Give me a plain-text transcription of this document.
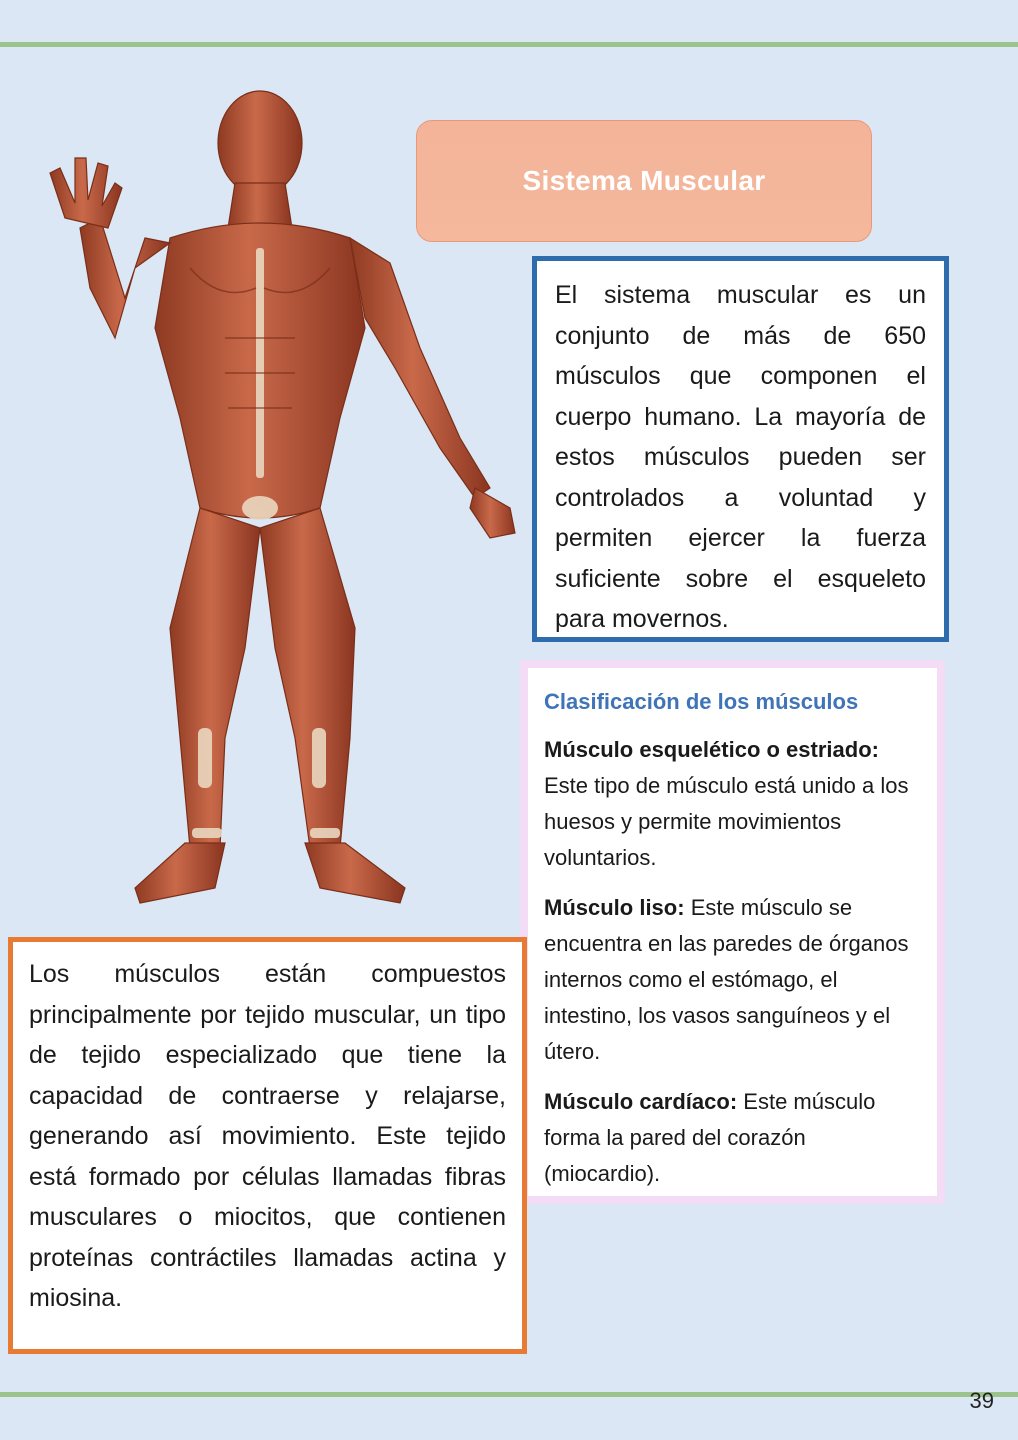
Sistema Muscular
El sistema muscular es un conjunto de más de 650 músculos que componen el cuerpo humano. La mayoría de estos músculos pueden ser controlados a voluntad y permiten ejercer la fuerza suficiente sobre el esqueleto para movernos.
Clasificación de los músculos

Músculo esquelético o estriado:
Este tipo de músculo está unido a los huesos y permite movimientos voluntarios.

Músculo liso: Este músculo se encuentra en las paredes de órganos internos como el estómago, el intestino, los vasos sanguíneos y el útero.

Músculo cardíaco: Este músculo forma la pared del corazón (miocardio).

Los músculos están compuestos principalmente por tejido muscular, un tipo de tejido especializado que tiene la capacidad de contraerse y relajarse, generando así movimiento. Este tejido está formado por células llamadas fibras musculares o miocitos, que contienen proteínas contráctiles llamadas actina y miosina.
39
